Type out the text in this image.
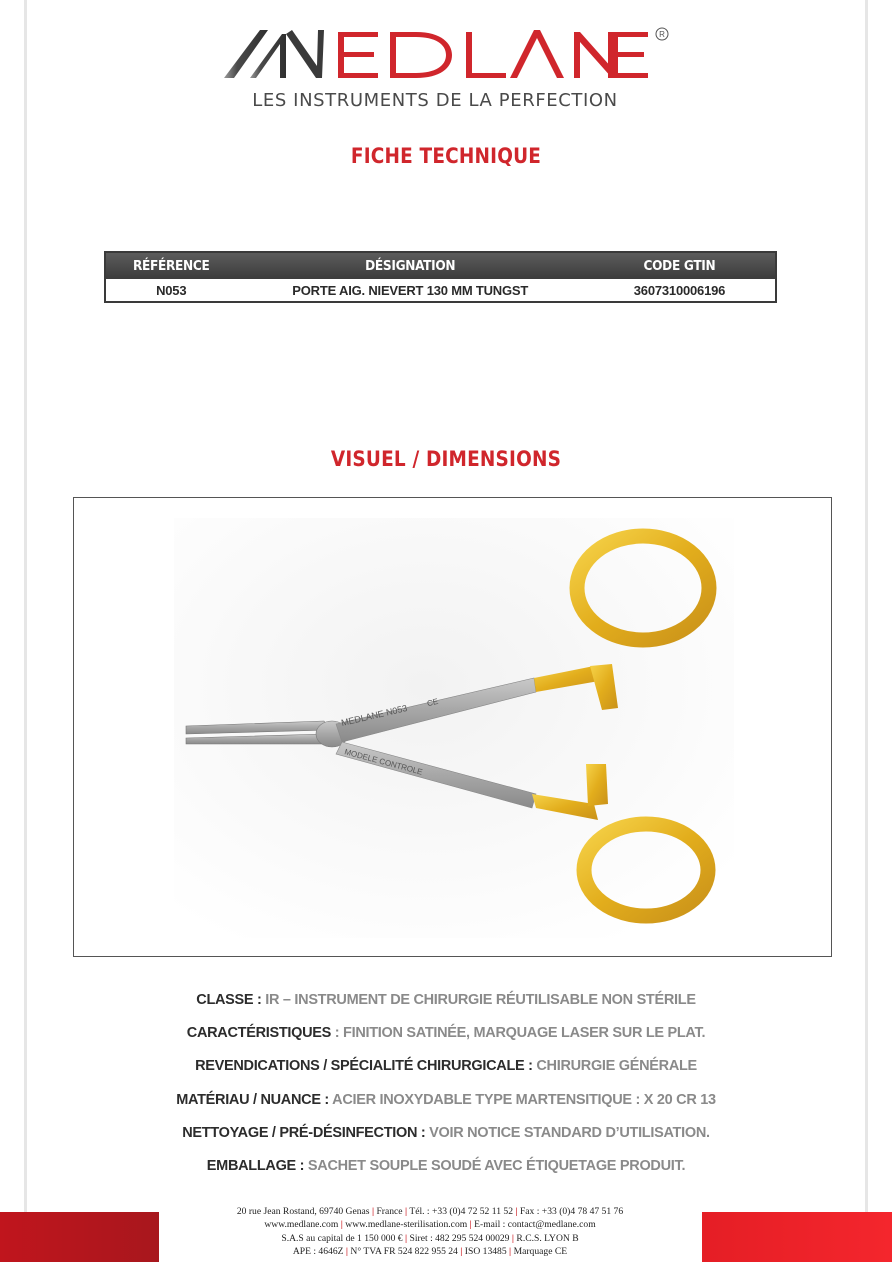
R
LES INSTRUMENTS DE LA PERFECTION
FICHE TECHNIQUE
RÉFÉRENCE	DÉSIGNATION	CODE GTIN
N053	PORTE AIG. NIEVERT 130 MM TUNGST	3607310006196
VISUEL / DIMENSIONS
MEDLANE N053
CE
MODELE CONTROLE
CLASSE : IR – INSTRUMENT DE CHIRURGIE RÉUTILISABLE NON STÉRILE
CARACTÉRISTIQUES : FINITION SATINÉE, MARQUAGE LASER SUR LE PLAT.
REVENDICATIONS / SPÉCIALITÉ CHIRURGICALE : CHIRURGIE GÉNÉRALE
MATÉRIAU / NUANCE : ACIER INOXYDABLE TYPE MARTENSITIQUE : X 20 CR 13
NETTOYAGE / PRÉ-DÉSINFECTION : VOIR NOTICE STANDARD D’UTILISATION.
EMBALLAGE : SACHET SOUPLE SOUDÉ AVEC ÉTIQUETAGE PRODUIT.
20 rue Jean Rostand, 69740 Genas | France | Tél. : +33 (0)4 72 52 11 52 | Fax : +33 (0)4 78 47 51 76
www.medlane.com | www.medlane-sterilisation.com | E-mail : contact@medlane.com
S.A.S au capital de 1 150 000 € | Siret : 482 295 524 00029 | R.C.S. LYON B
APE : 4646Z | N° TVA FR 524 822 955 24 | ISO 13485 | Marquage CE
